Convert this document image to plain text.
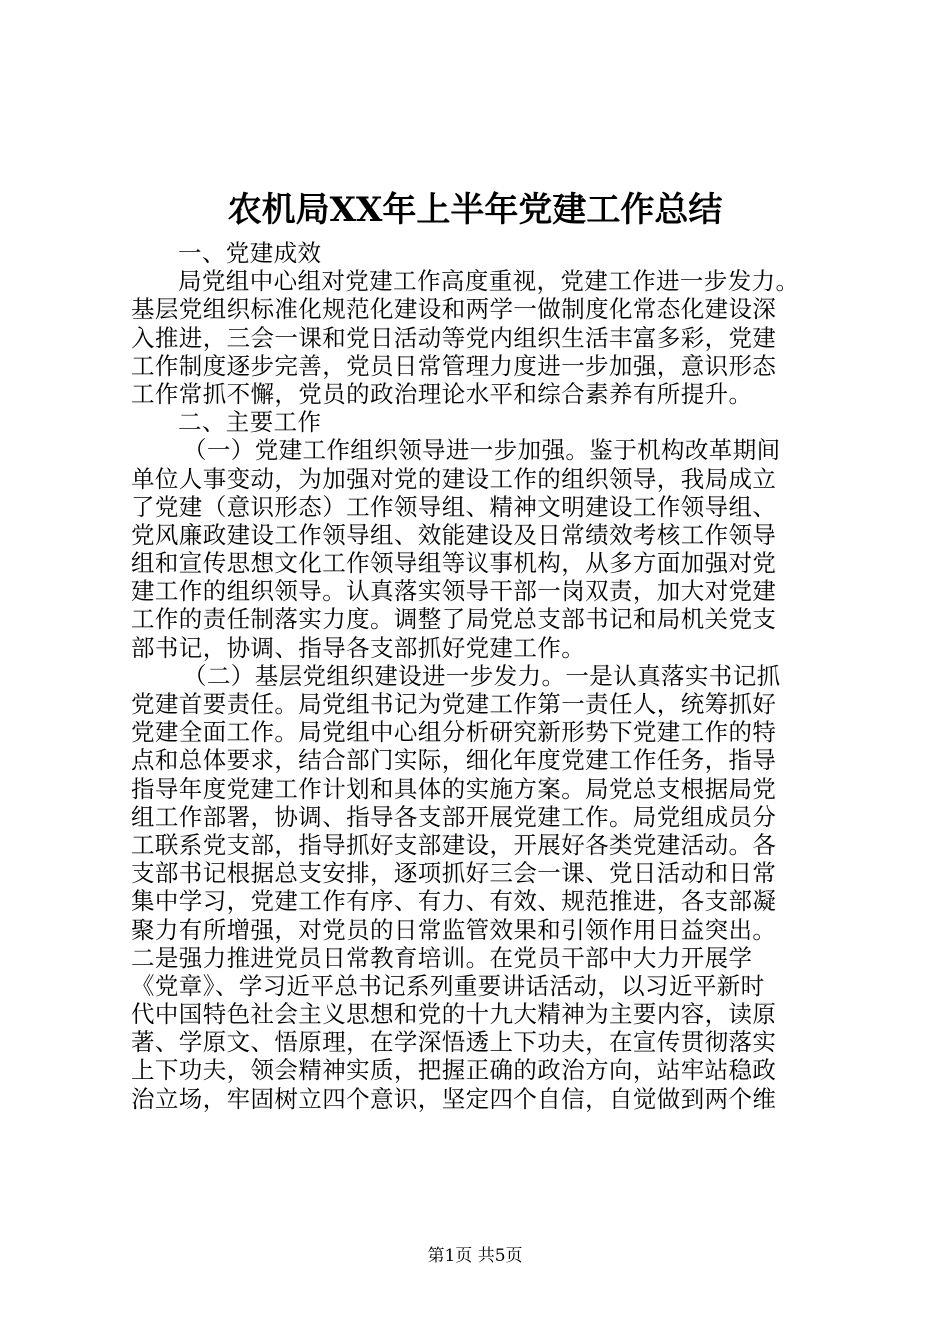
农机局XX年上半年党建工作总结
一、党建成效
局党组中心组对党建工作高度重视，党建工作进一步发力。
基层党组织标准化规范化建设和两学一做制度化常态化建设深
入推进，三会一课和党日活动等党内组织生活丰富多彩，党建
工作制度逐步完善，党员日常管理力度进一步加强，意识形态
工作常抓不懈，党员的政治理论水平和综合素养有所提升。
二、主要工作
（一）党建工作组织领导进一步加强。鉴于机构改革期间
单位人事变动，为加强对党的建设工作的组织领导，我局成立
了党建（意识形态）工作领导组、精神文明建设工作领导组、
党风廉政建设工作领导组、效能建设及日常绩效考核工作领导
组和宣传思想文化工作领导组等议事机构，从多方面加强对党
建工作的组织领导。认真落实领导干部一岗双责，加大对党建
工作的责任制落实力度。调整了局党总支部书记和局机关党支
部书记，协调、指导各支部抓好党建工作。
（二）基层党组织建设进一步发力。一是认真落实书记抓
党建首要责任。局党组书记为党建工作第一责任人，统筹抓好
党建全面工作。局党组中心组分析研究新形势下党建工作的特
点和总体要求，结合部门实际，细化年度党建工作任务，指导
指导年度党建工作计划和具体的实施方案。局党总支根据局党
组工作部署，协调、指导各支部开展党建工作。局党组成员分
工联系党支部，指导抓好支部建设，开展好各类党建活动。各
支部书记根据总支安排，逐项抓好三会一课、党日活动和日常
集中学习，党建工作有序、有力、有效、规范推进，各支部凝
聚力有所增强，对党员的日常监管效果和引领作用日益突出。
二是强力推进党员日常教育培训。在党员干部中大力开展学
《党章》、学习近平总书记系列重要讲话活动，以习近平新时
代中国特色社会主义思想和党的十九大精神为主要内容，读原
著、学原文、悟原理，在学深悟透上下功夫，在宣传贯彻落实
上下功夫，领会精神实质，把握正确的政治方向，站牢站稳政
治立场，牢固树立四个意识，坚定四个自信，自觉做到两个维
第1页 共5页
